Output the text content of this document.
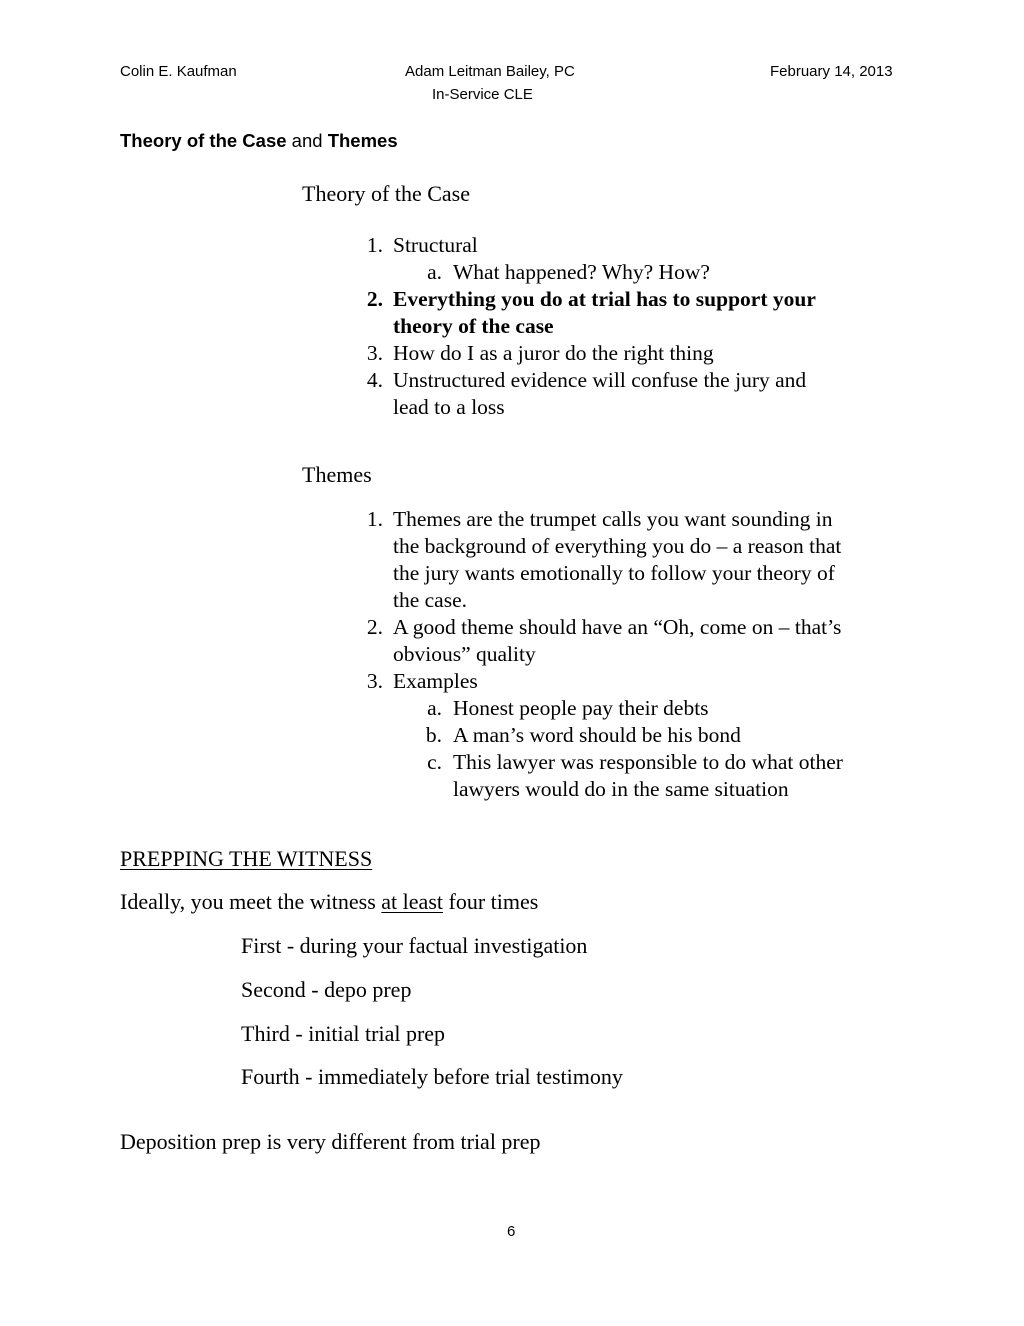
Colin E. Kaufman	Adam Leitman Bailey, PC	February 14, 2013
In-Service CLE
Theory of the Case and Themes
Theory of the Case
1. Structural
a. What happened? Why? How?
2. Everything you do at trial has to support your
theory of the case
3. How do I as a juror do the right thing
4. Unstructured evidence will confuse the jury and
lead to a loss
Themes
1. Themes are the trumpet calls you want sounding in
the background of everything you do – a reason that
the jury wants emotionally to follow your theory of
the case.
2. A good theme should have an “Oh, come on – that’s
obvious” quality
3. Examples
a. Honest people pay their debts
b. A man’s word should be his bond
c. This lawyer was responsible to do what other
lawyers would do in the same situation
PREPPING THE WITNESS
Ideally, you meet the witness at least four times
First - during your factual investigation
Second - depo prep
Third - initial trial prep
Fourth - immediately before trial testimony
Deposition prep is very different from trial prep
6
